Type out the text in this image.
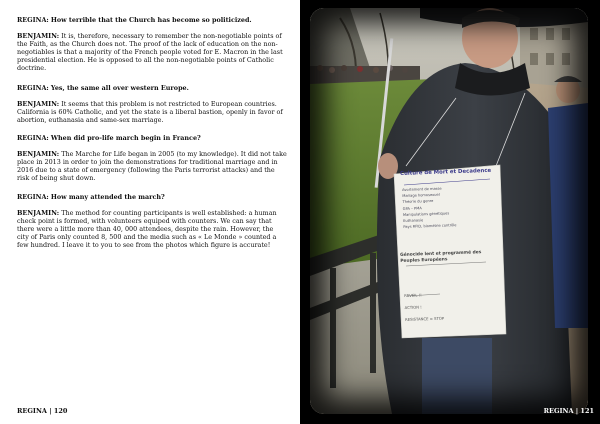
REGINA: How terrible that the Church has become so politicized.
BENJAMIN: It is, therefore, necessary to remember the non-negotiable points of the Faith, as the Church does not. The proof of the lack of education on the non-negotiables is that a majority of the French people voted for E. Macron in the last presidential election. He is opposed to all the non-negotiable points of Catholic doctrine.
REGINA: Yes, the same all over western Europe.
BENJAMIN: It seems that this problem is not restricted to European countries. California is 60% Catholic, and yet the state is a liberal bastion, openly in favor of abortion, euthanasia and same-sex marriage.
REGINA: When did pro-life march begin in France?
BENJAMIN: The Marche for Life began in 2005 (to my knowledge). It did not take place in 2013 in order to join the demonstrations for traditional marriage and in 2016 due to a state of emergency (following the Paris terrorist attacks) and the risk of being shut down.
REGINA: How many attended the march?
BENJAMIN: The method for counting participants is well established: a human check point is formed, with volunteers equiped with counters. We can say that there were a little more than 40, 000 attendees, despite the rain. However, the city of Paris only counted 8, 500 and the media such as « Le Monde » counted a few hundred. I leave it to you to see from the photos which figure is accurate!
REGINA | 120
Culture de Mort et Decadence
Avortement de masse
Mariage homosexuel
Théorie du genre
GPA – PMA
Manipulations génétiques
Euthanasie
Pays RFID, biométrie contrôle
Génocide lent et programmé des Peuples Européens
REVEIL !!
ACTION !
RESISTANCE = STOP
REGINA | 121
